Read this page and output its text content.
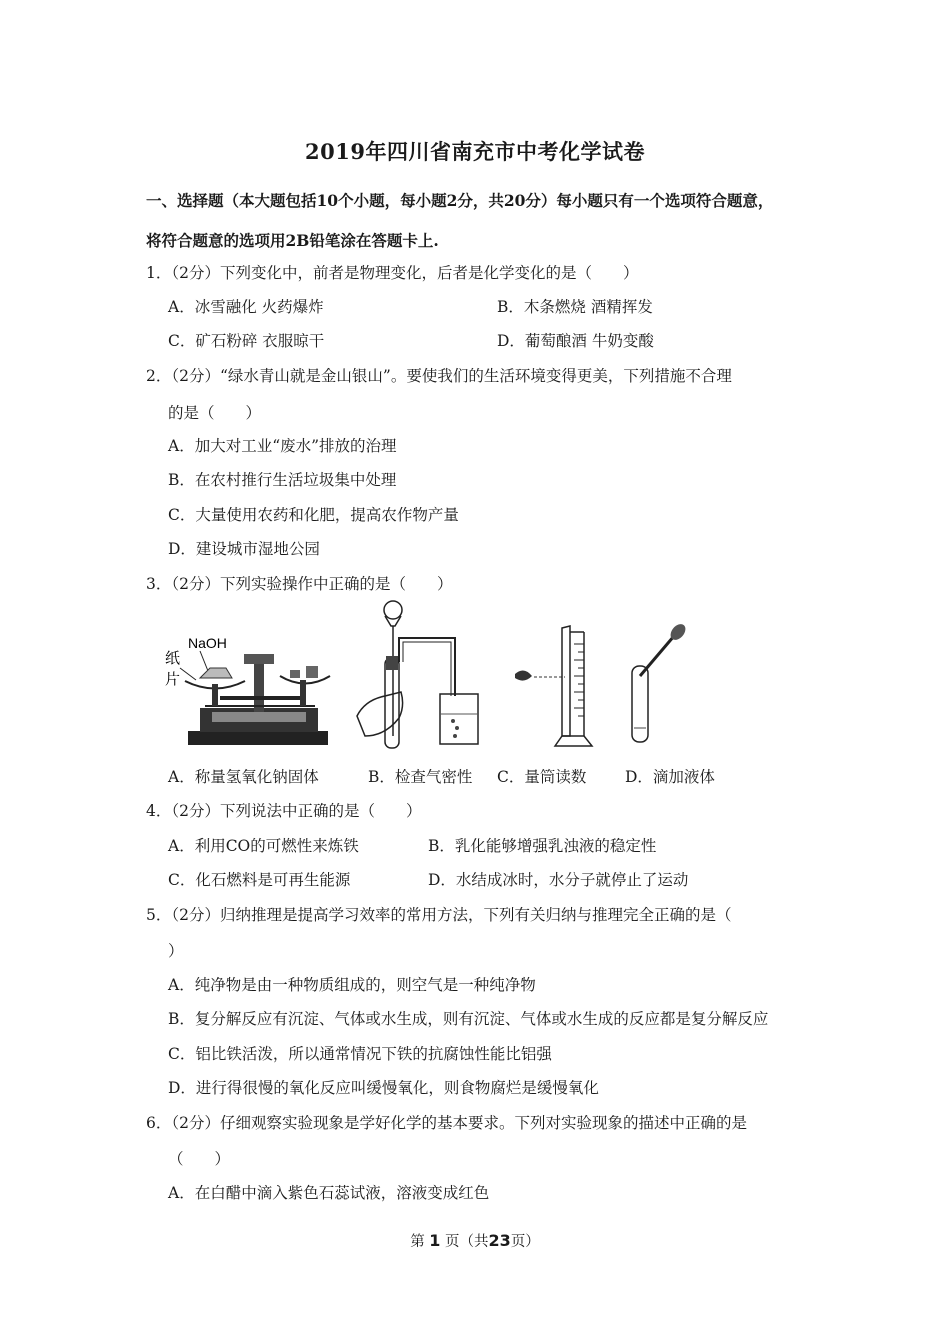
2019年四川省南充市中考化学试卷
一、选择题（本大题包括10个小题，每小题2分，共20分）每小题只有一个选项符合题意，
将符合题意的选项用2B铅笔涂在答题卡上.
1．（2分）下列变化中，前者是物理变化，后者是化学变化的是（　　）
A．冰雪融化 火药爆炸	B．木条燃烧 酒精挥发
C．矿石粉碎 衣服晾干	D．葡萄酿酒 牛奶变酸
2．（2分）“绿水青山就是金山银山”。要使我们的生活环境变得更美，下列措施不合理
的是（　　）
A．加大对工业“废水”排放的治理
B．在农村推行生活垃圾集中处理
C．大量使用农药和化肥，提高农作物产量
D．建设城市湿地公园
3．（2分）下列实验操作中正确的是（　　）
NaOH
纸
片
A．称量氢氧化钠固体	B．检查气密性 C．量筒读数 D．滴加液体
4．（2分）下列说法中正确的是（　　）
A．利用CO的可燃性来炼铁	B．乳化能够增强乳浊液的稳定性
C．化石燃料是可再生能源	D．水结成冰时，水分子就停止了运动
5．（2分）归纳推理是提高学习效率的常用方法，下列有关归纳与推理完全正确的是（
）
A．纯净物是由一种物质组成的，则空气是一种纯净物
B．复分解反应有沉淀、气体或水生成，则有沉淀、气体或水生成的反应都是复分解反应
C．铝比铁活泼，所以通常情况下铁的抗腐蚀性能比铝强
D．进行得很慢的氧化反应叫缓慢氧化，则食物腐烂是缓慢氧化
6．（2分）仔细观察实验现象是学好化学的基本要求。下列对实验现象的描述中正确的是
（　　）
A．在白醋中滴入紫色石蕊试液，溶液变成红色
第 1 页（共23页）
